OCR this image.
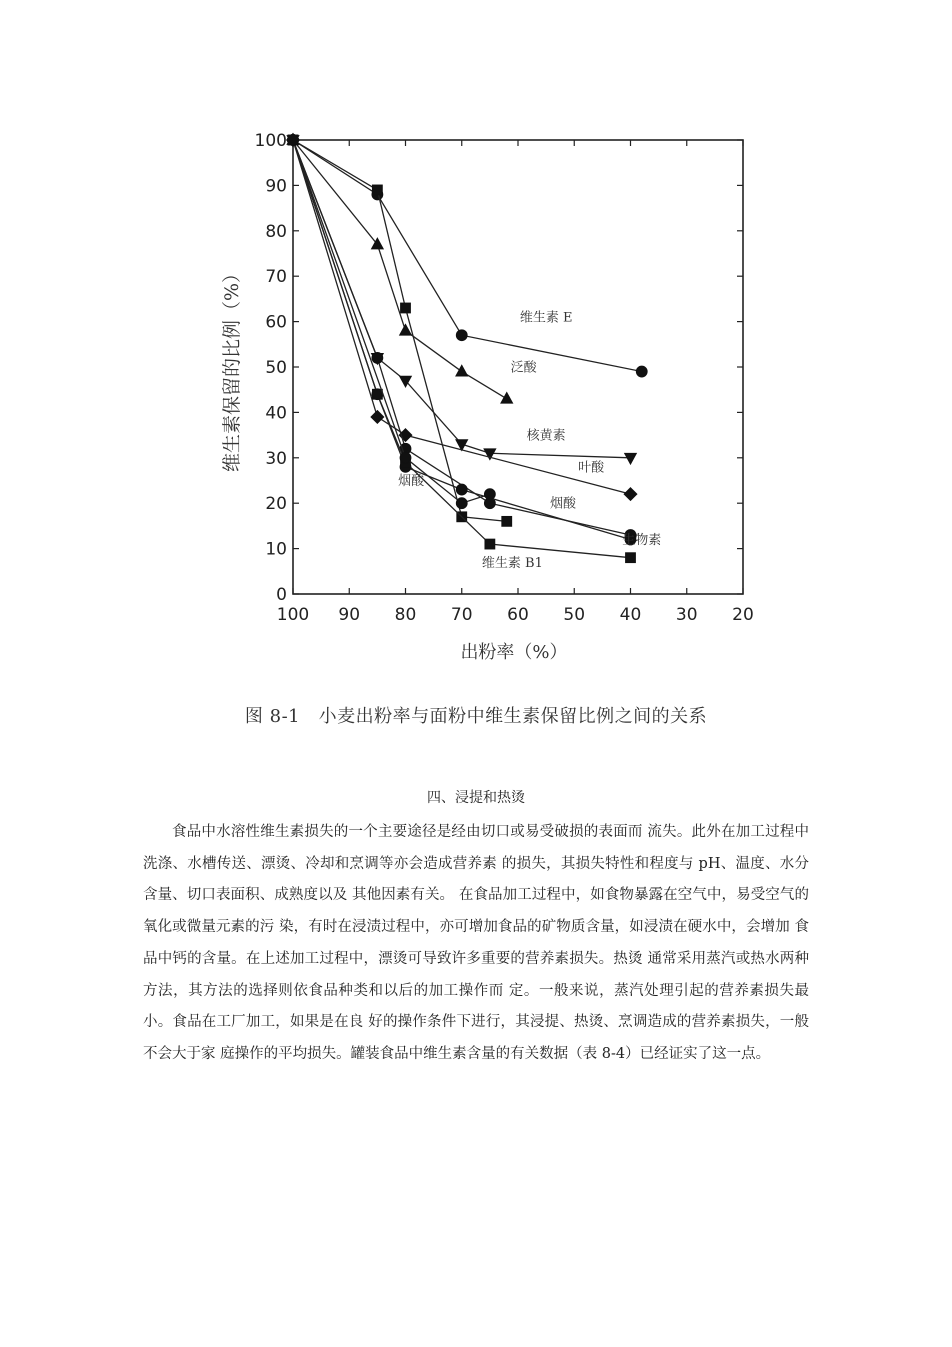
100 90 80 70 60 50 40 30 20
0
10
20
30
40
50
60
70
80
90
100
维生素 E
泛酸
核黄素
叶酸
烟酸
烟酸
生物素
维生素 B1
维生素保留的比例（%）
出粉率（%）
图 8-1　小麦出粉率与面粉中维生素保留比例之间的关系
四、浸提和热烫

食品中水溶性维生素损失的一个主要途径是经由切口或易受破损的表面而 流失。此外在加工过程中洗涤、水槽传送、漂烫、冷却和烹调等亦会造成营养素 的损失，其损失特性和程度与 pH、温度、水分含量、切口表面积、成熟度以及 其他因素有关。 在食品加工过程中，如食物暴露在空气中，易受空气的氧化或微量元素的污 染，有时在浸渍过程中，亦可增加食品的矿物质含量，如浸渍在硬水中，会增加 食品中钙的含量。在上述加工过程中，漂烫可导致许多重要的营养素损失。热烫 通常采用蒸汽或热水两种方法，其方法的选择则依食品种类和以后的加工操作而 定。一般来说，蒸汽处理引起的营养素损失最小。食品在工厂加工，如果是在良 好的操作条件下进行，其浸提、热烫、烹调造成的营养素损失，一般不会大于家 庭操作的平均损失。罐装食品中维生素含量的有关数据（表 8-4）已经证实了这一点。
